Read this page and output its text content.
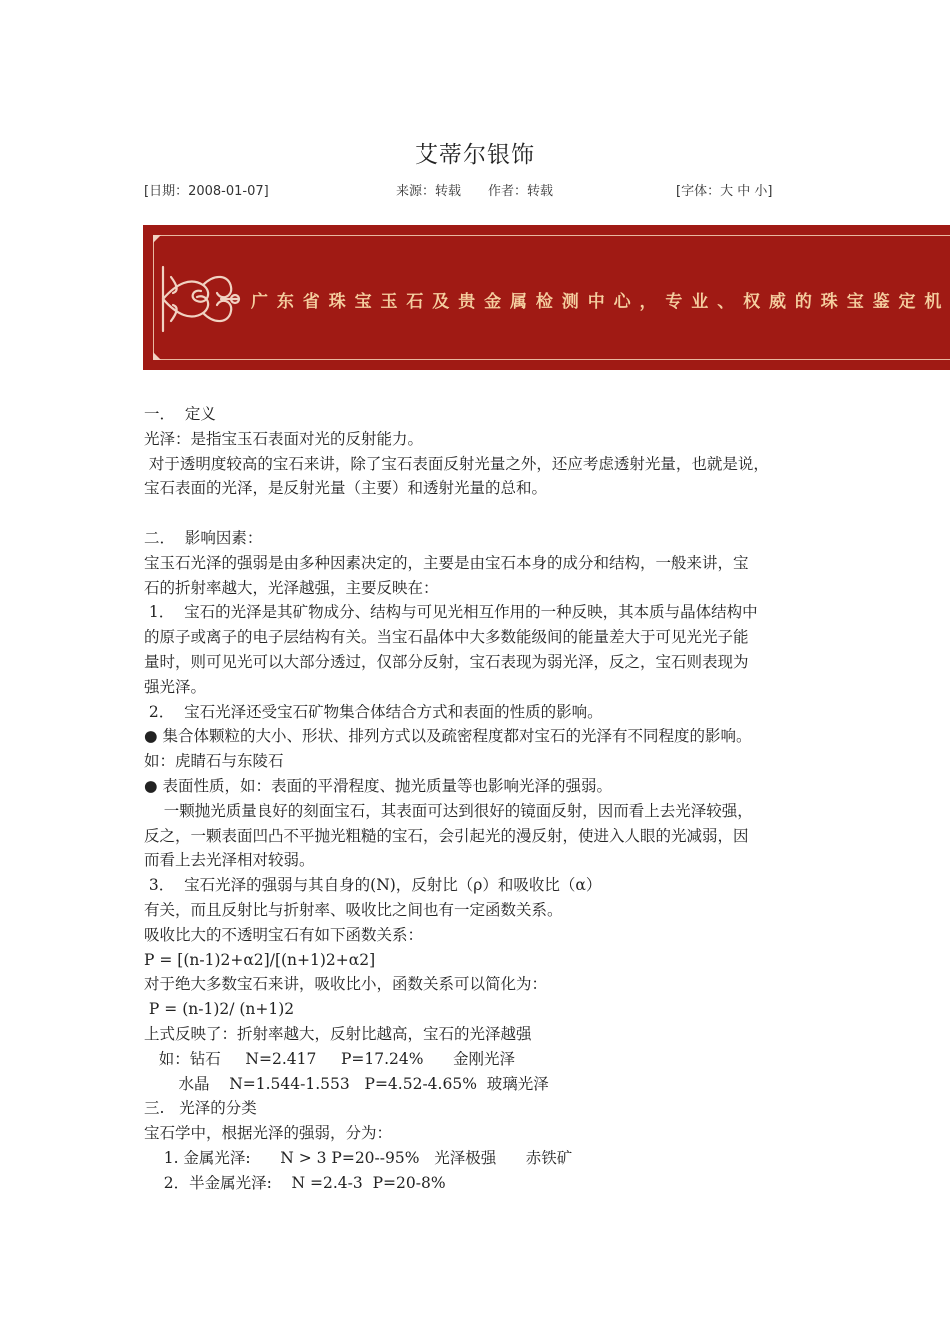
艾蒂尔银饰
[日期：2008-01-07]	来源：转载 作者：转载	[字体：大 中 小]
广东省珠宝玉石及贵金属检测中心，专业、权威的珠宝鉴定机

一．  定义

光泽：是指宝玉石表面对光的反射能力。

对于透明度较高的宝石来讲，除了宝石表面反射光量之外，还应考虑透射光量，也就是说，

宝石表面的光泽，是反射光量（主要）和透射光量的总和。

二．  影响因素：

宝玉石光泽的强弱是由多种因素决定的，主要是由宝石本身的成分和结构，一般来讲，宝

石的折射率越大，光泽越强，主要反映在：

1．  宝石的光泽是其矿物成分、结构与可见光相互作用的一种反映，其本质与晶体结构中

的原子或离子的电子层结构有关。当宝石晶体中大多数能级间的能量差大于可见光光子能

量时，则可见光可以大部分透过，仅部分反射，宝石表现为弱光泽，反之，宝石则表现为

强光泽。

2．  宝石光泽还受宝石矿物集合体结合方式和表面的性质的影响。

● 集合体颗粒的大小、形状、排列方式以及疏密程度都对宝石的光泽有不同程度的影响。

如：虎睛石与东陵石

● 表面性质，如：表面的平滑程度、抛光质量等也影响光泽的强弱。

一颗抛光质量良好的刻面宝石，其表面可达到很好的镜面反射，因而看上去光泽较强，

反之，一颗表面凹凸不平抛光粗糙的宝石，会引起光的漫反射，使进入人眼的光减弱，因

而看上去光泽相对较弱。

3．  宝石光泽的强弱与其自身的(N)，反射比（ρ）和吸收比（α）

有关，而且反射比与折射率、吸收比之间也有一定函数关系。

吸收比大的不透明宝石有如下函数关系：

P = [(n-1)2+α2]/[(n+1)2+α2]

对于绝大多数宝石来讲，吸收比小，函数关系可以简化为：

P = (n-1)2/ (n+1)2

上式反映了：折射率越大，反射比越高，宝石的光泽越强

如：钻石     N=2.417     P=17.24%      金刚光泽

水晶    N=1.544-1.553   P=4.52-4.65%  玻璃光泽

三.   光泽的分类

宝石学中，根据光泽的强弱，分为：

1. 金属光泽:      N > 3 P=20--95%   光泽极强      赤铁矿

2．半金属光泽:    N =2.4-3  P=20-8%
